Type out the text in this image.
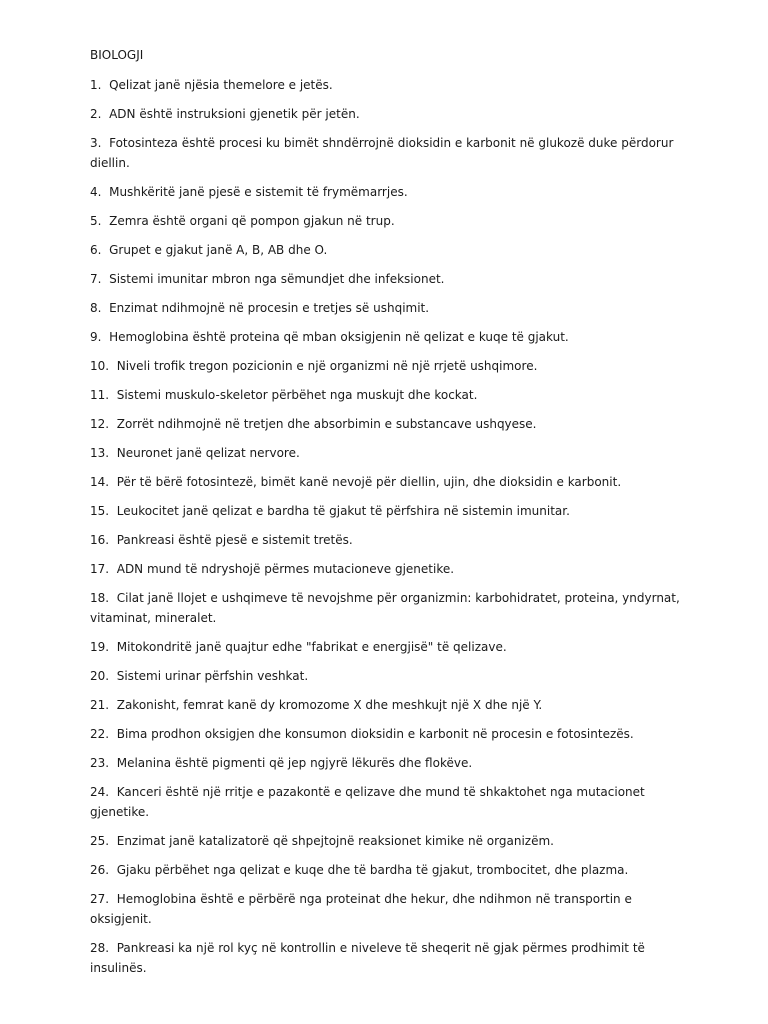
BIOLOGJI
1. Qelizat janë njësia themelore e jetës.
2. ADN është instruksioni gjenetik për jetën.
3. Fotosinteza është procesi ku bimët shndërrojnë dioksidin e karbonit në glukozë duke përdorur diellin.
4. Mushkëritë janë pjesë e sistemit të frymëmarrjes.
5. Zemra është organi që pompon gjakun në trup.
6. Grupet e gjakut janë A, B, AB dhe O.
7. Sistemi imunitar mbron nga sëmundjet dhe infeksionet.
8. Enzimat ndihmojnë në procesin e tretjes së ushqimit.
9. Hemoglobina është proteina që mban oksigjenin në qelizat e kuqe të gjakut.
10. Niveli trofik tregon pozicionin e një organizmi në një rrjetë ushqimore.
11. Sistemi muskulo-skeletor përbëhet nga muskujt dhe kockat.
12. Zorrët ndihmojnë në tretjen dhe absorbimin e substancave ushqyese.
13. Neuronet janë qelizat nervore.
14. Për të bërë fotosintezë, bimët kanë nevojë për diellin, ujin, dhe dioksidin e karbonit.
15. Leukocitet janë qelizat e bardha të gjakut të përfshira në sistemin imunitar.
16. Pankreasi është pjesë e sistemit tretës.
17. ADN mund të ndryshojë përmes mutacioneve gjenetike.
18. Cilat janë llojet e ushqimeve të nevojshme për organizmin: karbohidratet, proteina, yndyrnat, vitaminat, mineralet.
19. Mitokondritë janë quajtur edhe "fabrikat e energjisë" të qelizave.
20. Sistemi urinar përfshin veshkat.
21. Zakonisht, femrat kanë dy kromozome X dhe meshkujt një X dhe një Y.
22. Bima prodhon oksigjen dhe konsumon dioksidin e karbonit në procesin e fotosintezës.
23. Melanina është pigmenti që jep ngjyrë lëkurës dhe flokëve.
24. Kanceri është një rritje e pazakontë e qelizave dhe mund të shkaktohet nga mutacionet gjenetike.
25. Enzimat janë katalizatorë që shpejtojnë reaksionet kimike në organizëm.
26. Gjaku përbëhet nga qelizat e kuqe dhe të bardha të gjakut, trombocitet, dhe plazma.
27. Hemoglobina është e përbërë nga proteinat dhe hekur, dhe ndihmon në transportin e oksigjenit.
28. Pankreasi ka një rol kyç në kontrollin e niveleve të sheqerit në gjak përmes prodhimit të insulinës.
